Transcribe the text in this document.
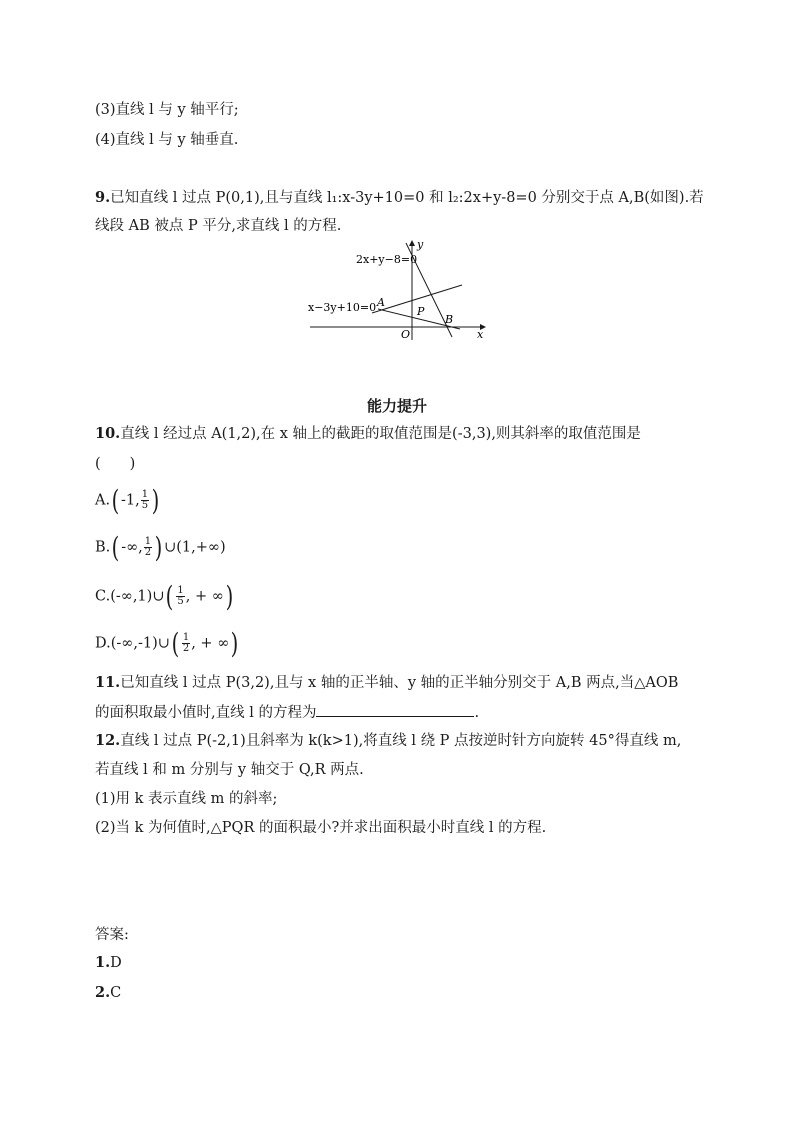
(3)直线 l 与 y 轴平行;
(4)直线 l 与 y 轴垂直.
9.已知直线 l 过点 P(0,1),且与直线 l₁:x-3y+10=0 和 l₂:2x+y-8=0 分别交于点 A,B(如图).若
线段 AB 被点 P 平分,求直线 l 的方程.
2x+y−8=0
x−3y+10=0 A
P
B
O	x
y
能力提升
10.直线 l 经过点 A(1,2),在 x 轴上的截距的取值范围是(-3,3),则其斜率的取值范围是
(　　)
A.( -1, $\frac{1}{5}$ )
B.( -∞, $\frac{1}{2}$ ) ∪(1,+∞)
C.(-∞,1)∪( $\frac{1}{5}$ , + ∞)
D.(-∞,-1)∪( $\frac{1}{2}$ , + ∞)
11.已知直线 l 过点 P(3,2),且与 x 轴的正半轴、y 轴的正半轴分别交于 A,B 两点,当△AOB
的面积取最小值时,直线 l 的方程为	.
12.直线 l 过点 P(-2,1)且斜率为 k(k>1),将直线 l 绕 P 点按逆时针方向旋转 45°得直线 m,
若直线 l 和 m 分别与 y 轴交于 Q,R 两点.
(1)用 k 表示直线 m 的斜率;
(2)当 k 为何值时,△PQR 的面积最小?并求出面积最小时直线 l 的方程.
答案:
1.D
2.C
